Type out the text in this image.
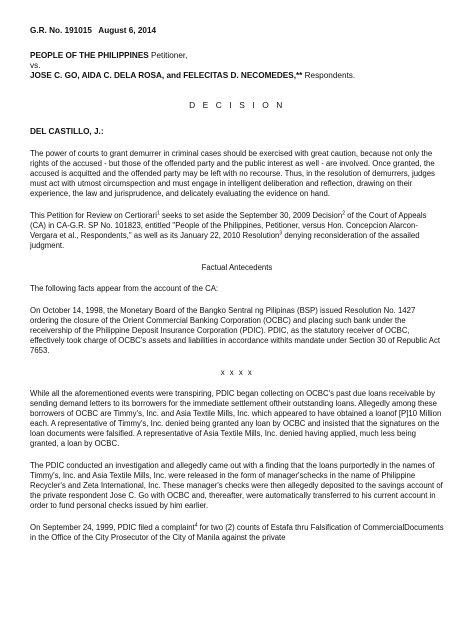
G.R. No. 191015 August 6, 2014

PEOPLE OF THE PHILIPPINES Petitioner,

vs.

JOSE C. GO, AIDA C. DELA ROSA, and FELECITAS D. NECOMEDES,** Respondents.

D E C I S I O N
DEL CASTILLO, J.:

The power of courts to grant demurrer in criminal cases should be exercised with great caution, because not only the rights of the accused - but those of the offended party and the public interest as well - are involved. Once granted, the accused is acquitted and the offended party may be left with no recourse. Thus, in the resolution of demurrers, judges must act with utmost circumspection and must engage in intelligent deliberation and reflection, drawing on their experience, the law and jurisprudence, and delicately evaluating the evidence on hand.

This Petition for Review on Certiorari$^1$ seeks to set aside the September 30, 2009 Decision$^2$ of the Court of Appeals (CA) in CA-G.R. SP No. 101823, entitled "People of the Philippines, Petitioner, versus Hon. Concepcion Alarcon-Vergara et al., Respondents," as well as its January 22, 2010 Resolution$^3$ denying reconsideration of the assailed judgment.

Factual Antecedents

The following facts appear from the account of the CA:

On October 14, 1998, the Monetary Board of the Bangko Sentral ng Pilipinas (BSP) issued Resolution No. 1427 ordering the closure of the Orient Commercial Banking Corporation (OCBC) and placing such bank under the receivership of the Philippine Deposit Insurance Corporation (PDIC). PDIC, as the statutory receiver of OCBC, effectively took charge of OCBC's assets and liabilities in accordance withits mandate under Section 30 of Republic Act 7653.

x x x x

While all the aforementioned events were transpiring, PDIC began collecting on OCBC's past due loans receivable by sending demand letters to its borrowers for the immediate settlement oftheir outstanding loans. Allegedly among these borrowers of OCBC are Timmy's, Inc. and Asia Textile Mills, Inc. which appeared to have obtained a loanof [P]10 Million each. A representative of Timmy's, Inc. denied being granted any loan by OCBC and insisted that the signatures on the loan documents were falsified. A representative of Asia Textile Mills, Inc. denied having applied, much less being granted, a loan by OCBC.

The PDIC conducted an investigation and allegedly came out with a finding that the loans purportedly in the names of Timmy's, Inc. and Asia Textile Mills, Inc. were released in the form of manager'schecks in the name of Philippine Recycler's and Zeta International, Inc. These manager's checks were then allegedly deposited to the savings account of the private respondent Jose C. Go with OCBC and, thereafter, were automatically transferred to his current account in order to fund personal checks issued by him earlier.

On September 24, 1999, PDIC filed a complaint$^4$ for two (2) counts of Estafa thru Falsification of CommercialDocuments in the Office of the City Prosecutor of the City of Manila against the private
